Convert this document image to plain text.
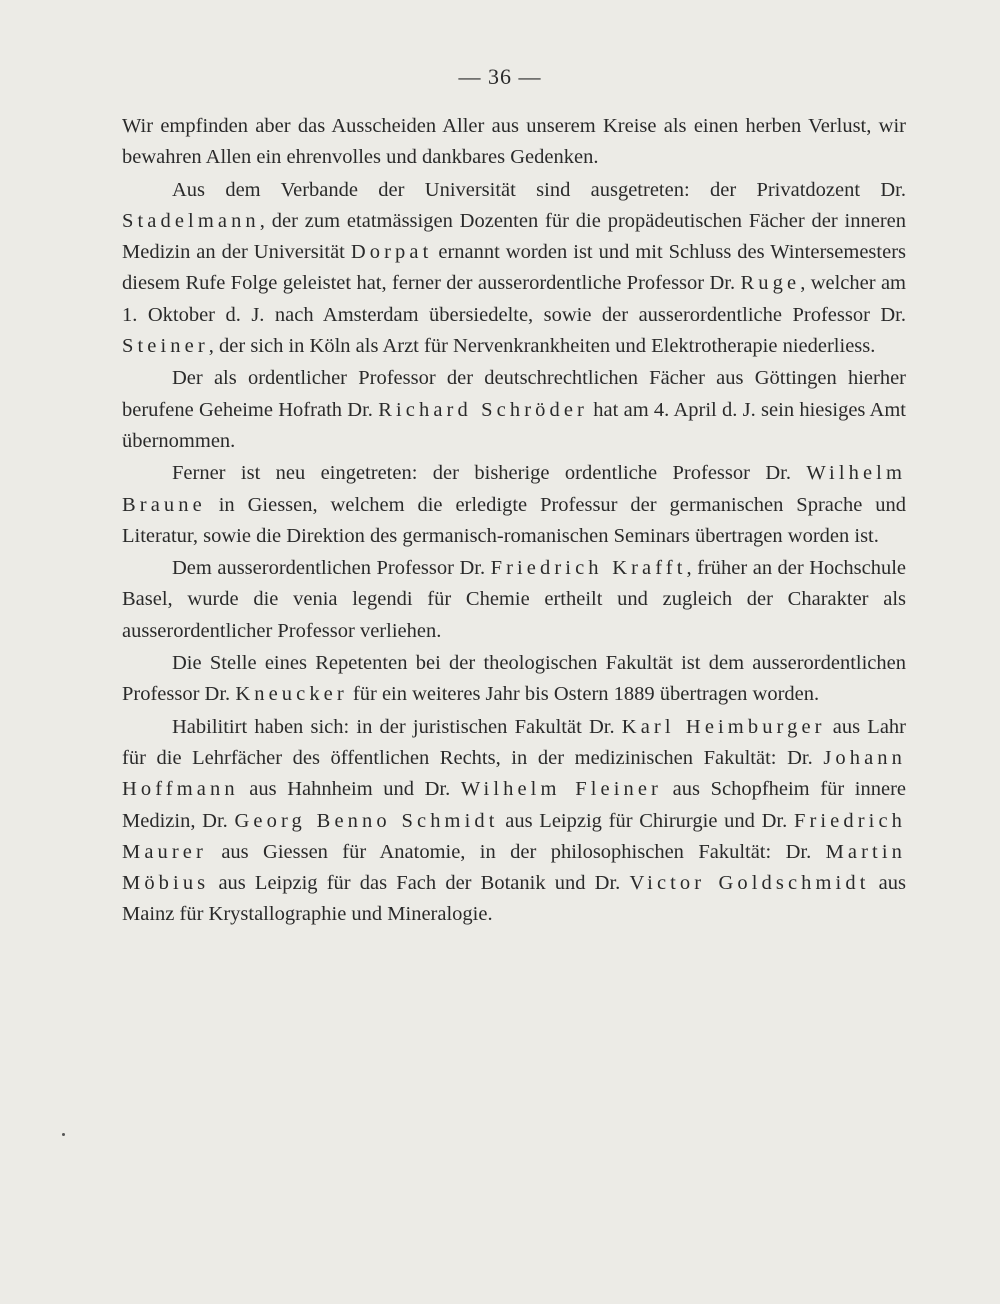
— 36 —

Wir empfinden aber das Ausscheiden Aller aus unserem Kreise als einen herben Verlust, wir bewahren Allen ein ehrenvolles und dankbares Gedenken.

Aus dem Verbande der Universität sind ausgetreten: der Privatdozent Dr. Stadelmann, der zum etatmässigen Dozenten für die propädeutischen Fächer der inneren Medizin an der Universität Dorpat ernannt worden ist und mit Schluss des Wintersemesters diesem Rufe Folge geleistet hat, ferner der ausserordentliche Professor Dr. Ruge, welcher am 1. Oktober d. J. nach Amsterdam übersiedelte, sowie der ausserordentliche Professor Dr. Steiner, der sich in Köln als Arzt für Nervenkrankheiten und Elektrotherapie niederliess.

Der als ordentlicher Professor der deutschrechtlichen Fächer aus Göttingen hierher berufene Geheime Hofrath Dr. Richard Schröder hat am 4. April d. J. sein hiesiges Amt übernommen.

Ferner ist neu eingetreten: der bisherige ordentliche Professor Dr. Wilhelm Braune in Giessen, welchem die erledigte Professur der germanischen Sprache und Literatur, sowie die Direktion des germanisch-romanischen Seminars übertragen worden ist.

Dem ausserordentlichen Professor Dr. Friedrich Krafft, früher an der Hochschule Basel, wurde die venia legendi für Chemie ertheilt und zugleich der Charakter als ausserordentlicher Professor verliehen.

Die Stelle eines Repetenten bei der theologischen Fakultät ist dem ausserordentlichen Professor Dr. Kneucker für ein weiteres Jahr bis Ostern 1889 übertragen worden.

Habilitirt haben sich: in der juristischen Fakultät Dr. Karl Heimburger aus Lahr für die Lehrfächer des öffentlichen Rechts, in der medizinischen Fakultät: Dr. Johann Hoffmann aus Hahnheim und Dr. Wilhelm Fleiner aus Schopfheim für innere Medizin, Dr. Georg Benno Schmidt aus Leipzig für Chirurgie und Dr. Friedrich Maurer aus Giessen für Anatomie, in der philosophischen Fakultät: Dr. Martin Möbius aus Leipzig für das Fach der Botanik und Dr. Victor Goldschmidt aus Mainz für Krystallographie und Mineralogie.
